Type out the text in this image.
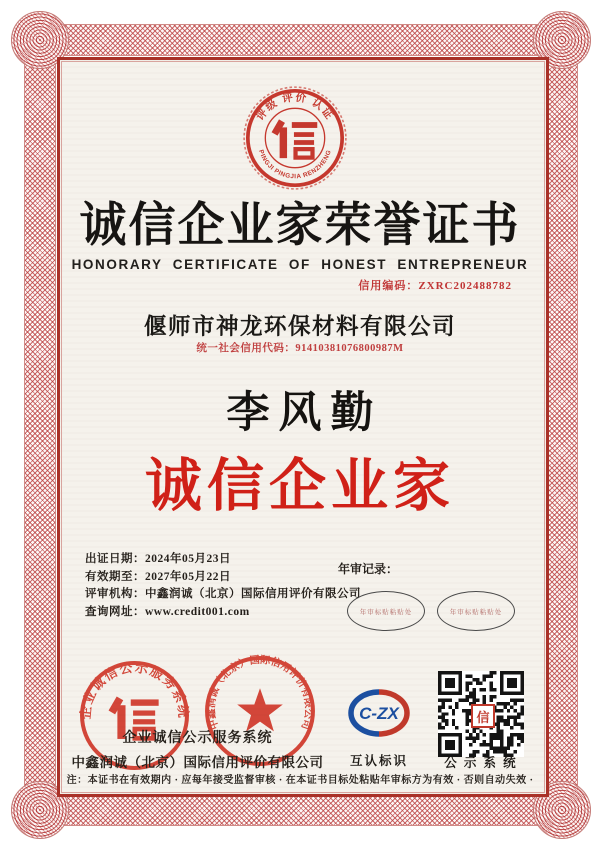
评级 评价 认证
PINGJI PINGJIA RENZHENG
诚信企业家荣誉证书
HONORARY CERTIFICATE OF HONEST ENTREPRENEUR
信用编码：ZXRC202488782
偃师市神龙环保材料有限公司
统一社会信用代码：91410381076800987M
李风勤
诚信企业家
出证日期：2024年05月23日
有效期至：2027年05月22日
评审机构：中鑫润诚（北京）国际信用评价有限公司
查询网址：www.credit001.com
年审记录：
年审标贴粘贴处	年审标贴粘贴处
企业诚信公示服务系统
中鑫润诚（北京）国际信用评价有限公司
企业诚信公示服务系统
中鑫润诚（北京）国际信用评价有限公司
C-ZX
互认标识
信
公 示 系 统
注：本证书在有效期内 · 应每年接受监督审核 · 在本证书目标处粘贴年审标方为有效 · 否则自动失效 ·
